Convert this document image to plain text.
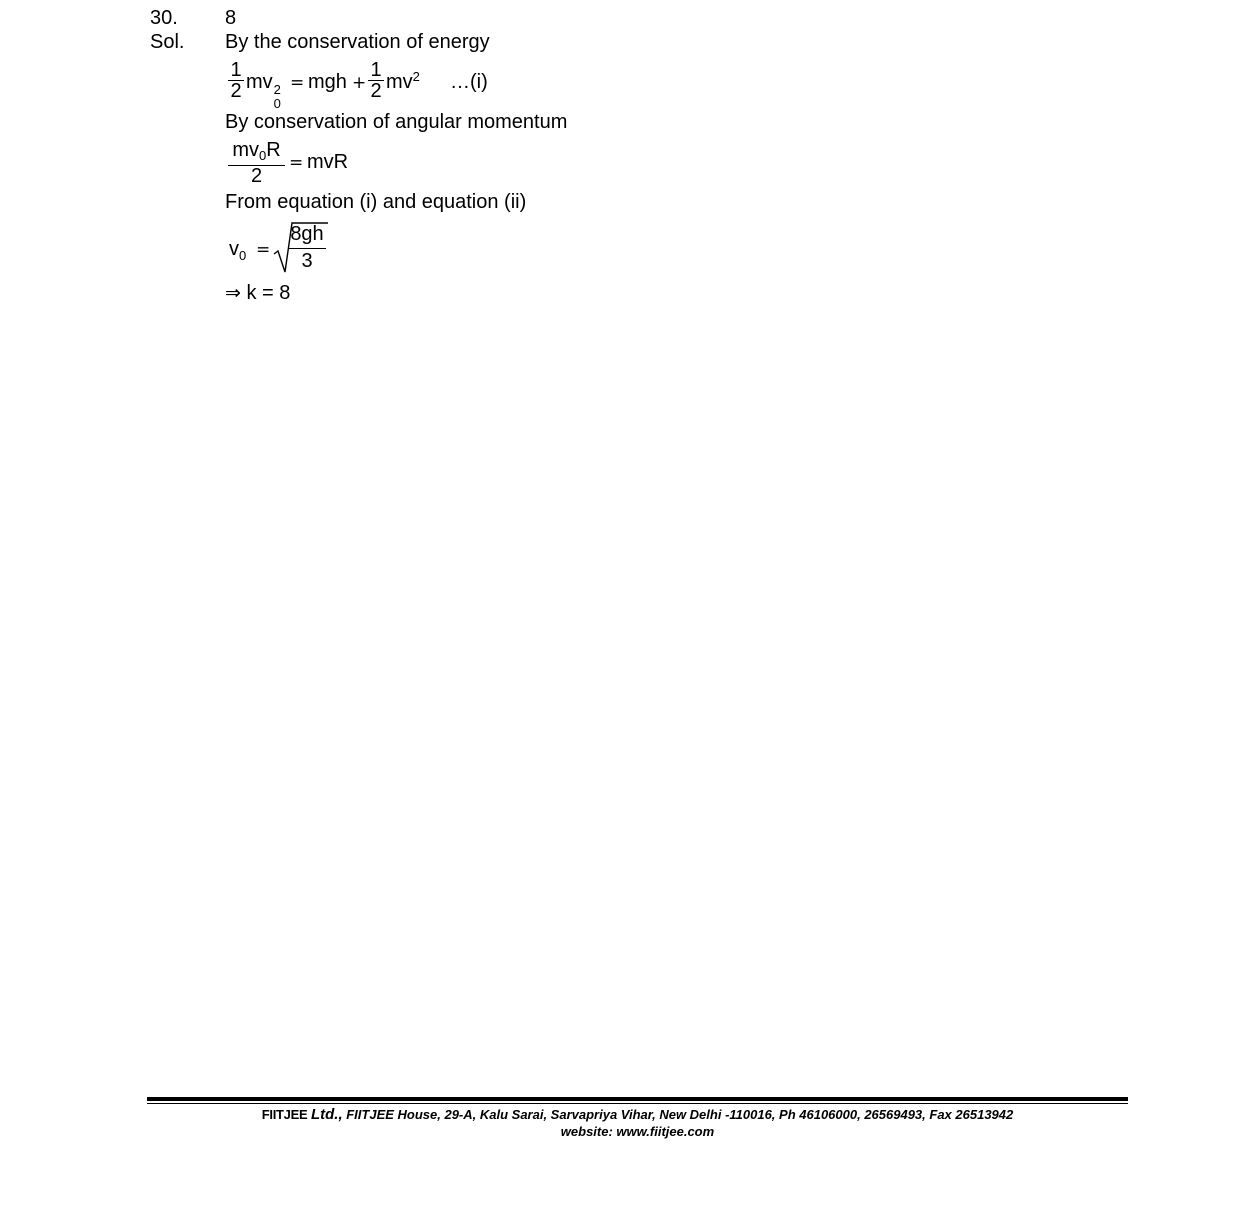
30. 8
Sol. By the conservation of energy
1
2 mv 2
0
= mgh +
1
2 $mv^2$ …(i)
By conservation of angular momentum
$mv_0R$
2
= mvR
From equation (i) and equation (ii)
$v_0$ =
8gh
3
⇒ k = 8
FIITJEE Ltd., FIITJEE House, 29-A, Kalu Sarai, Sarvapriya Vihar, New Delhi -110016, Ph 46106000, 26569493, Fax 26513942
website: www.fiitjee.com
